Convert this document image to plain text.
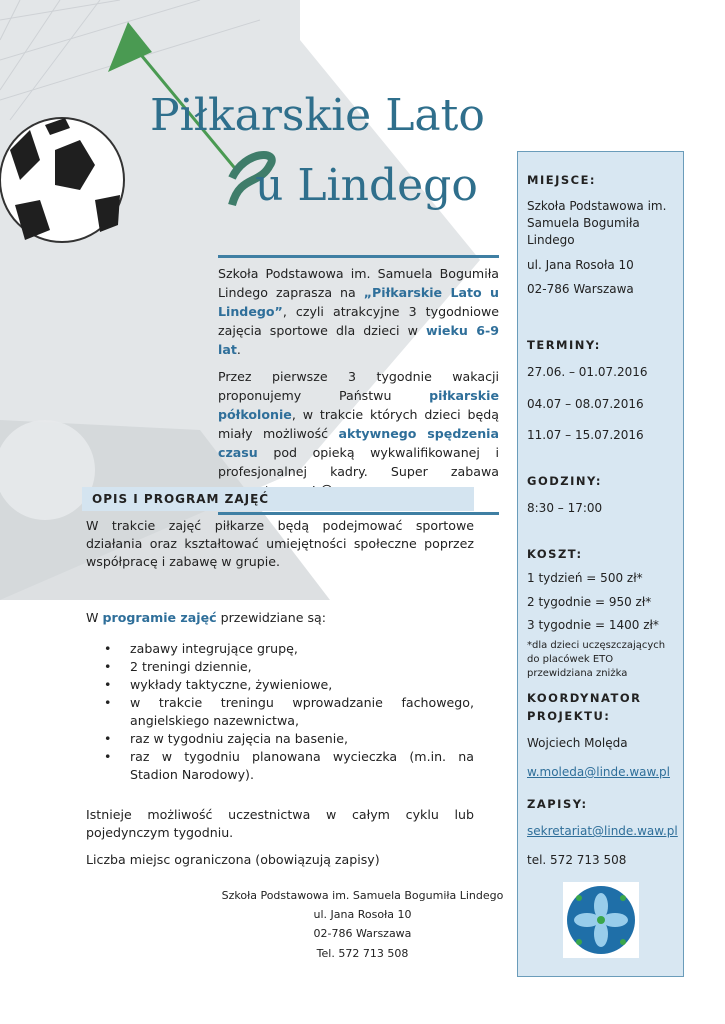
Piłkarskie Lato
u Lindego

Szkoła Podstawowa im. Samuela Bogumiła Lindego zaprasza na „Piłkarskie Lato u Lindego”, czyli atrakcyjne 3 tygodniowe zajęcia sportowe dla dzieci w wieku 6-9 lat.

Przez pierwsze 3 tygodnie wakacji proponujemy Państwu piłkarskie półkolonie, w trakcie których dzieci będą miały możliwość aktywnego spędzenia czasu pod opieką wykwalifikowanej i profesjonalnej kadry. Super zabawa

OPIS I PROGRAM ZAJĘĆ
W trakcie zajęć piłkarze będą podejmować sportowe działania oraz kształtować umiejętności społeczne poprzez współpracę i zabawę w grupie.
W programie zajęć przewidziane są:
• zabawy integrujące grupę,
• 2 treningi dziennie,
• wykłady taktyczne, żywieniowe,
• w trakcie treningu wprowadzanie fachowego, angielskiego nazewnictwa,
• raz w tygodniu zajęcia na basenie,
• raz w tygodniu planowana wycieczka (m.in. na Stadion Narodowy).
Istnieje możliwość uczestnictwa w całym cyklu lub pojedynczym tygodniu.
Liczba miejsc ograniczona (obowiązują zapisy)
Szkoła Podstawowa im. Samuela Bogumiła Lindego
ul. Jana Rosoła 10
02-786 Warszawa
Tel. 572 713 508
MIEJSCE:
Szkoła Podstawowa im.
Samuela Bogumiła
Lindego
ul. Jana Rosoła 10
02-786 Warszawa
TERMINY:
27.06. – 01.07.2016
04.07 – 08.07.2016
11.07 – 15.07.2016
GODZINY:
8:30 – 17:00
KOSZT:
1 tydzień = 500 zł*
2 tygodnie = 950 zł*
3 tygodnie = 1400 zł*
*dla dzieci uczęszczających do placówek ETO przewidziana zniżka
KOORDYNATOR
PROJEKTU:
Wojciech Molęda
w.moleda@linde.waw.pl
ZAPISY:
sekretariat@linde.waw.pl
tel. 572 713 508
